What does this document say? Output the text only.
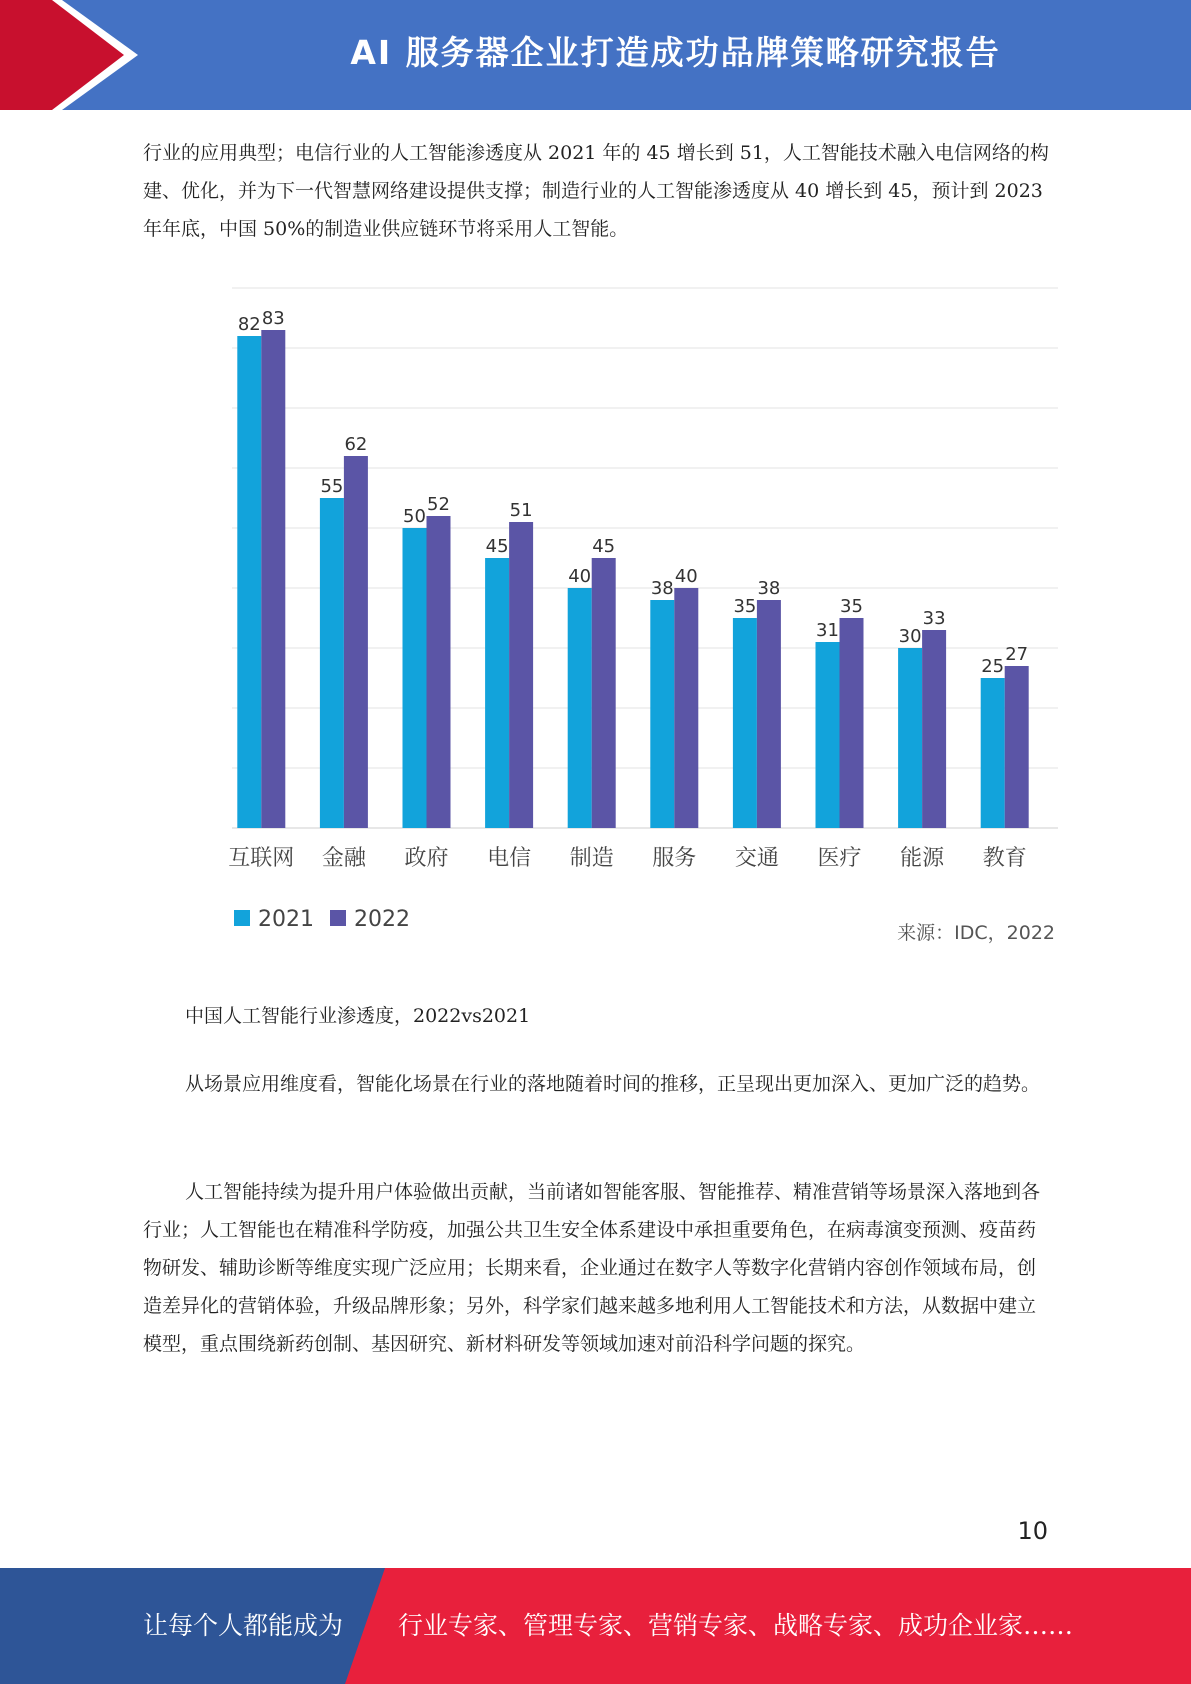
AI 服务器企业打造成功品牌策略研究报告

行业的应用典型；电信行业的人工智能渗透度从 2021 年的 45 增长到 51，人工智能技术融入电信网络的构建、优化，并为下一代智慧网络建设提供支撑；制造行业的人工智能渗透度从 40 增长到 45，预计到 2023 年年底，中国 50%的制造业供应链环节将采用人工智能。

82 83
互联网
55
62
金融
50
52
政府
45
51
电信
40
45
制造
38
40
服务
35
38
交通
31
35
医疗
30
33
能源
25
27
教育
2021 2022
来源：IDC，2022

中国人工智能行业渗透度，2022vs2021

从场景应用维度看，智能化场景在行业的落地随着时间的推移，正呈现出更加深入、更加广泛的趋势。

人工智能持续为提升用户体验做出贡献，当前诸如智能客服、智能推荐、精准营销等场景深入落地到各行业；人工智能也在精准科学防疫，加强公共卫生安全体系建设中承担重要角色，在病毒演变预测、疫苗药物研发、辅助诊断等维度实现广泛应用；长期来看，企业通过在数字人等数字化营销内容创作领域布局，创造差异化的营销体验，升级品牌形象；另外，科学家们越来越多地利用人工智能技术和方法，从数据中建立模型，重点围绕新药创制、基因研究、新材料研发等领域加速对前沿科学问题的探究。

10
让每个人都能成为 行业专家、管理专家、营销专家、战略专家、成功企业家……
